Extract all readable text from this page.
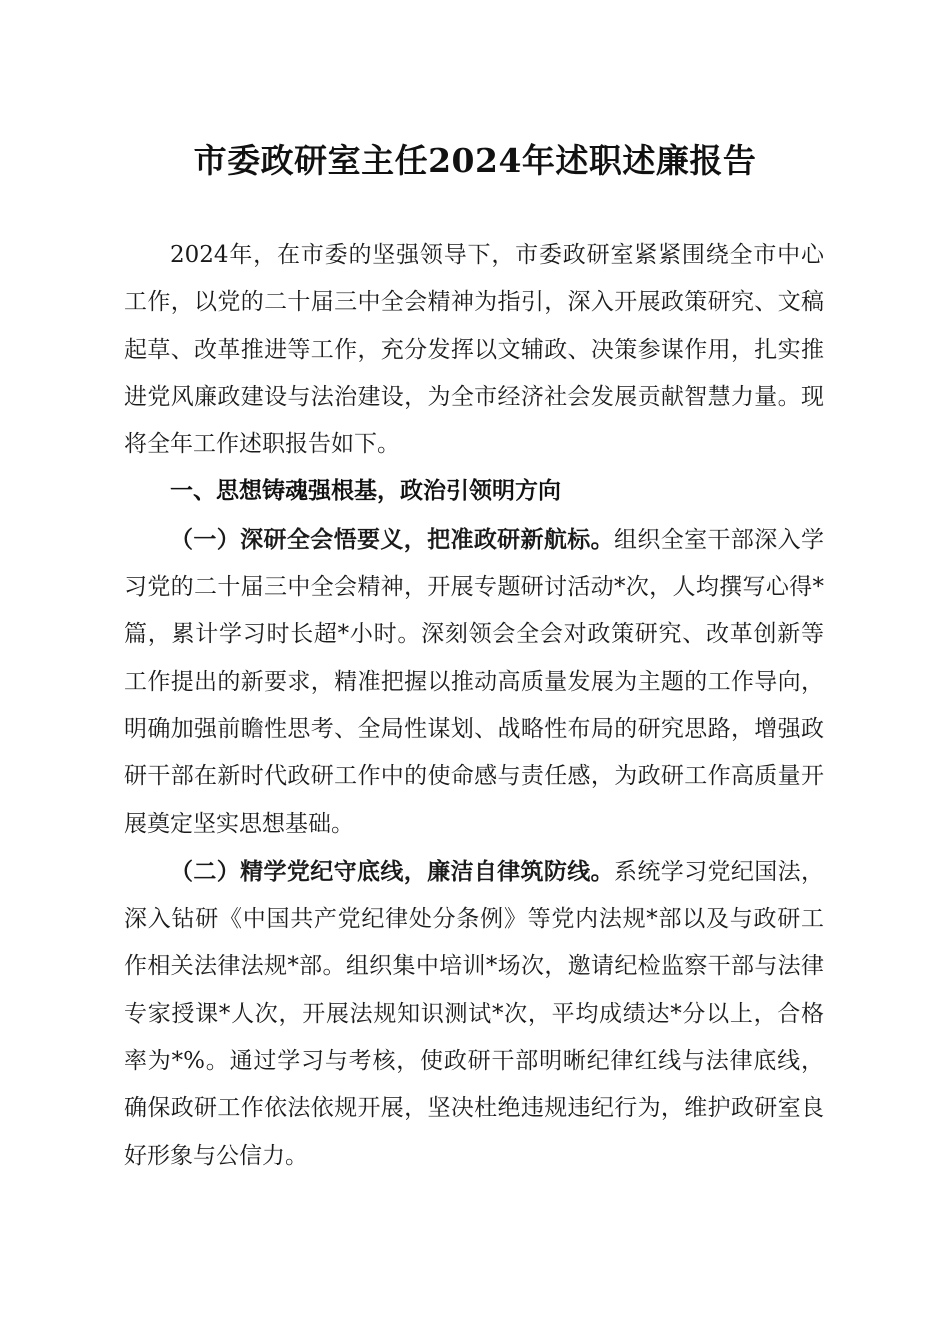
市委政研室主任2024年述职述廉报告

2024年，在市委的坚强领导下，市委政研室紧紧围绕全市中心工作，以党的二十届三中全会精神为指引，深入开展政策研究、文稿起草、改革推进等工作，充分发挥以文辅政、决策参谋作用，扎实推进党风廉政建设与法治建设，为全市经济社会发展贡献智慧力量。现将全年工作述职报告如下。

一、思想铸魂强根基，政治引领明方向

（一）深研全会悟要义，把准政研新航标。组织全室干部深入学习党的二十届三中全会精神，开展专题研讨活动*次，人均撰写心得*篇，累计学习时长超*小时。深刻领会全会对政策研究、改革创新等工作提出的新要求，精准把握以推动高质量发展为主题的工作导向，明确加强前瞻性思考、全局性谋划、战略性布局的研究思路，增强政研干部在新时代政研工作中的使命感与责任感，为政研工作高质量开展奠定坚实思想基础。

（二）精学党纪守底线，廉洁自律筑防线。系统学习党纪国法，深入钻研《中国共产党纪律处分条例》等党内法规*部以及与政研工作相关法律法规*部。组织集中培训*场次，邀请纪检监察干部与法律专家授课*人次，开展法规知识测试*次，平均成绩达*分以上，合格率为*%。通过学习与考核，使政研干部明晰纪律红线与法律底线，确保政研工作依法依规开展，坚决杜绝违规违纪行为，维护政研室良好形象与公信力。
